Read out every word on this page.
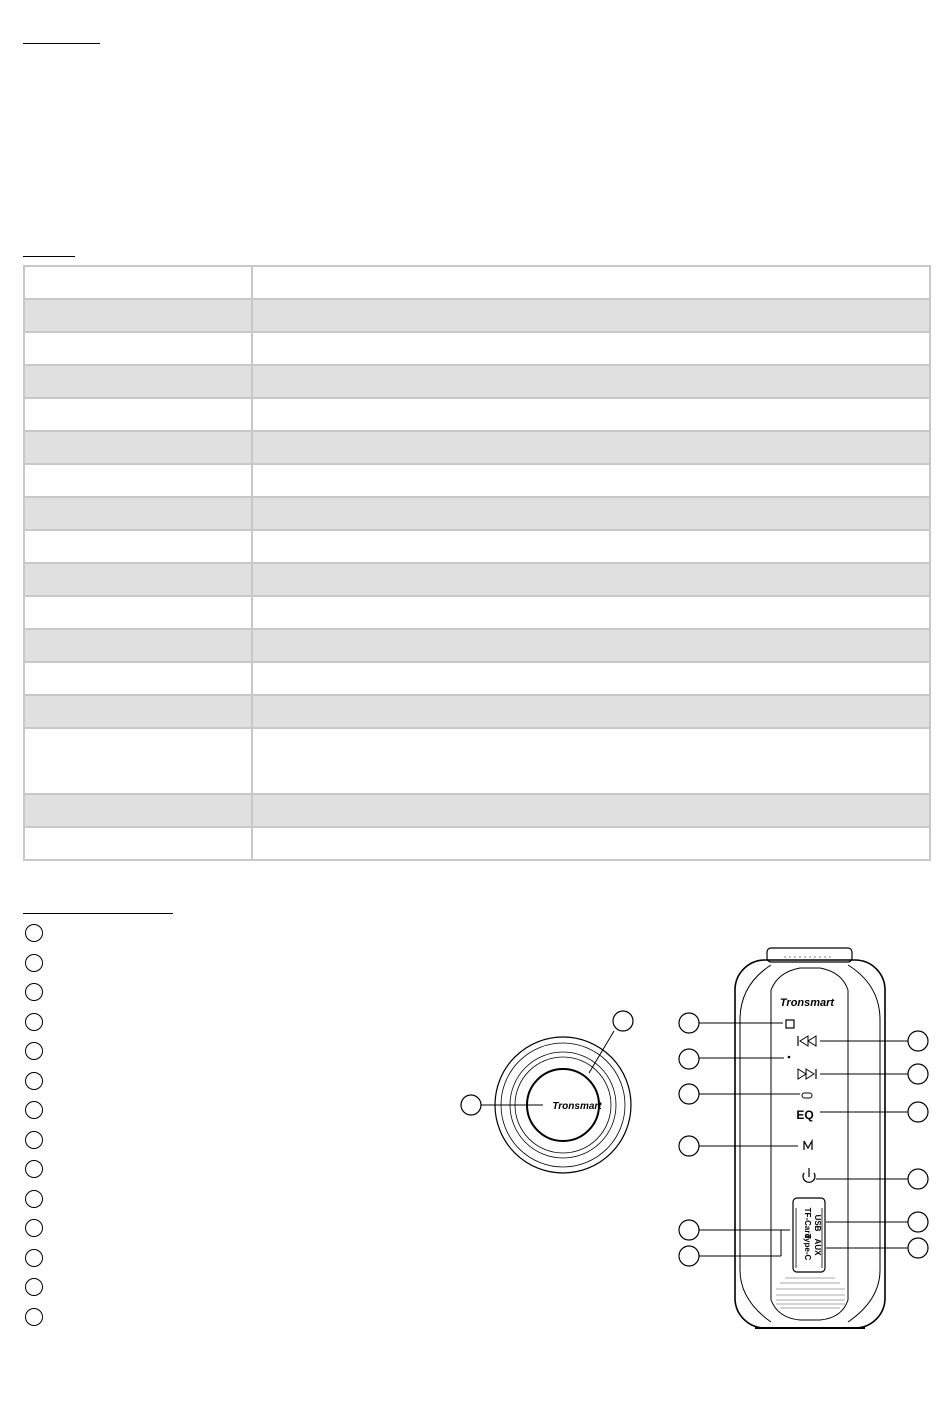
Tronsmart
Tronsmart
EQ
USB
AUX
TF-Card
Type-C
